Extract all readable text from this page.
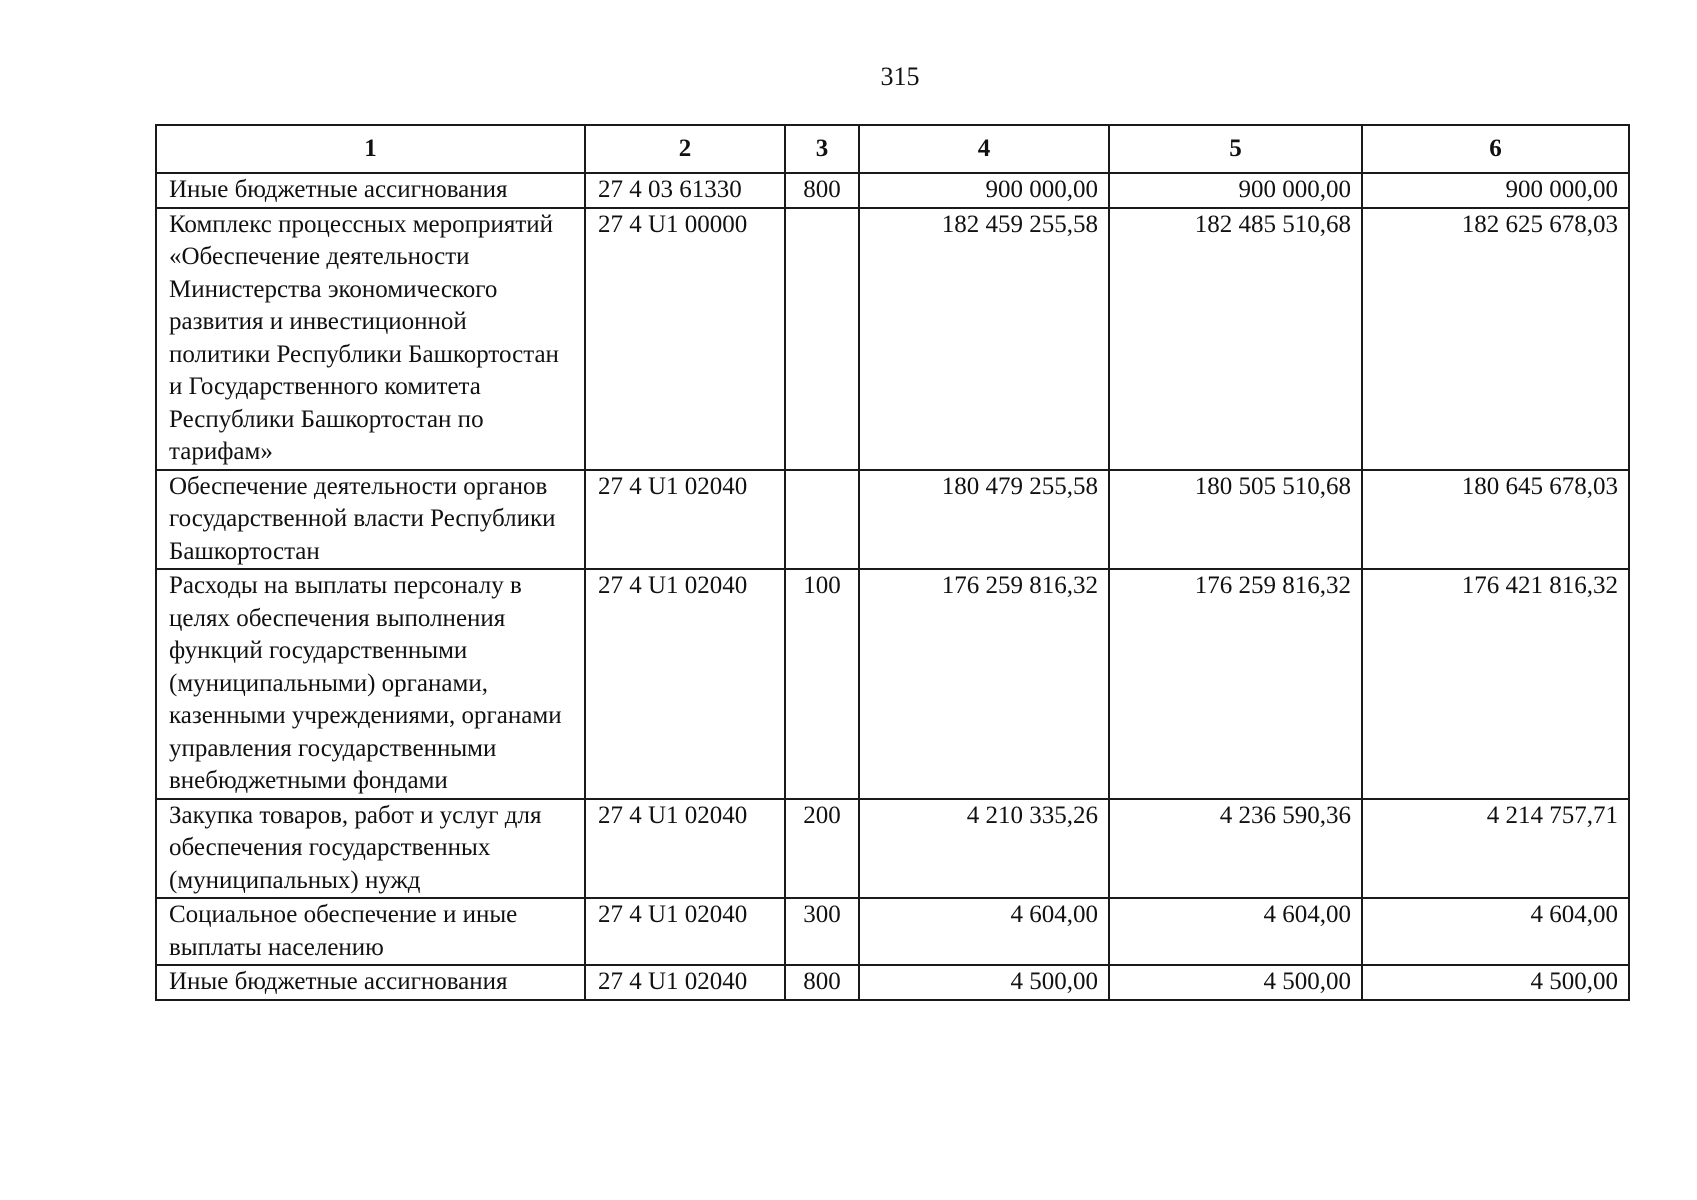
315
1	2	3	4	5	6
Иные бюджетные ассигнования	27 4 03 61330	800	900 000,00	900 000,00	900 000,00
Комплекс процессных мероприятий «Обеспечение деятельности Министерства экономического развития и инвестиционной политики Республики Башкортостан и Государственного комитета Республики Башкортостан по тарифам»	27 4 U1 00000		182 459 255,58	182 485 510,68	182 625 678,03
Обеспечение деятельности органов государственной власти Республики Башкортостан	27 4 U1 02040		180 479 255,58	180 505 510,68	180 645 678,03
Расходы на выплаты персоналу в целях обеспечения выполнения функций государственными (муниципальными) органами, казенными учреждениями, органами управления государственными внебюджетными фондами	27 4 U1 02040	100	176 259 816,32	176 259 816,32	176 421 816,32
Закупка товаров, работ и услуг для обеспечения государственных (муниципальных) нужд	27 4 U1 02040	200	4 210 335,26	4 236 590,36	4 214 757,71
Социальное обеспечение и иные выплаты населению	27 4 U1 02040	300	4 604,00	4 604,00	4 604,00
Иные бюджетные ассигнования	27 4 U1 02040	800	4 500,00	4 500,00	4 500,00
